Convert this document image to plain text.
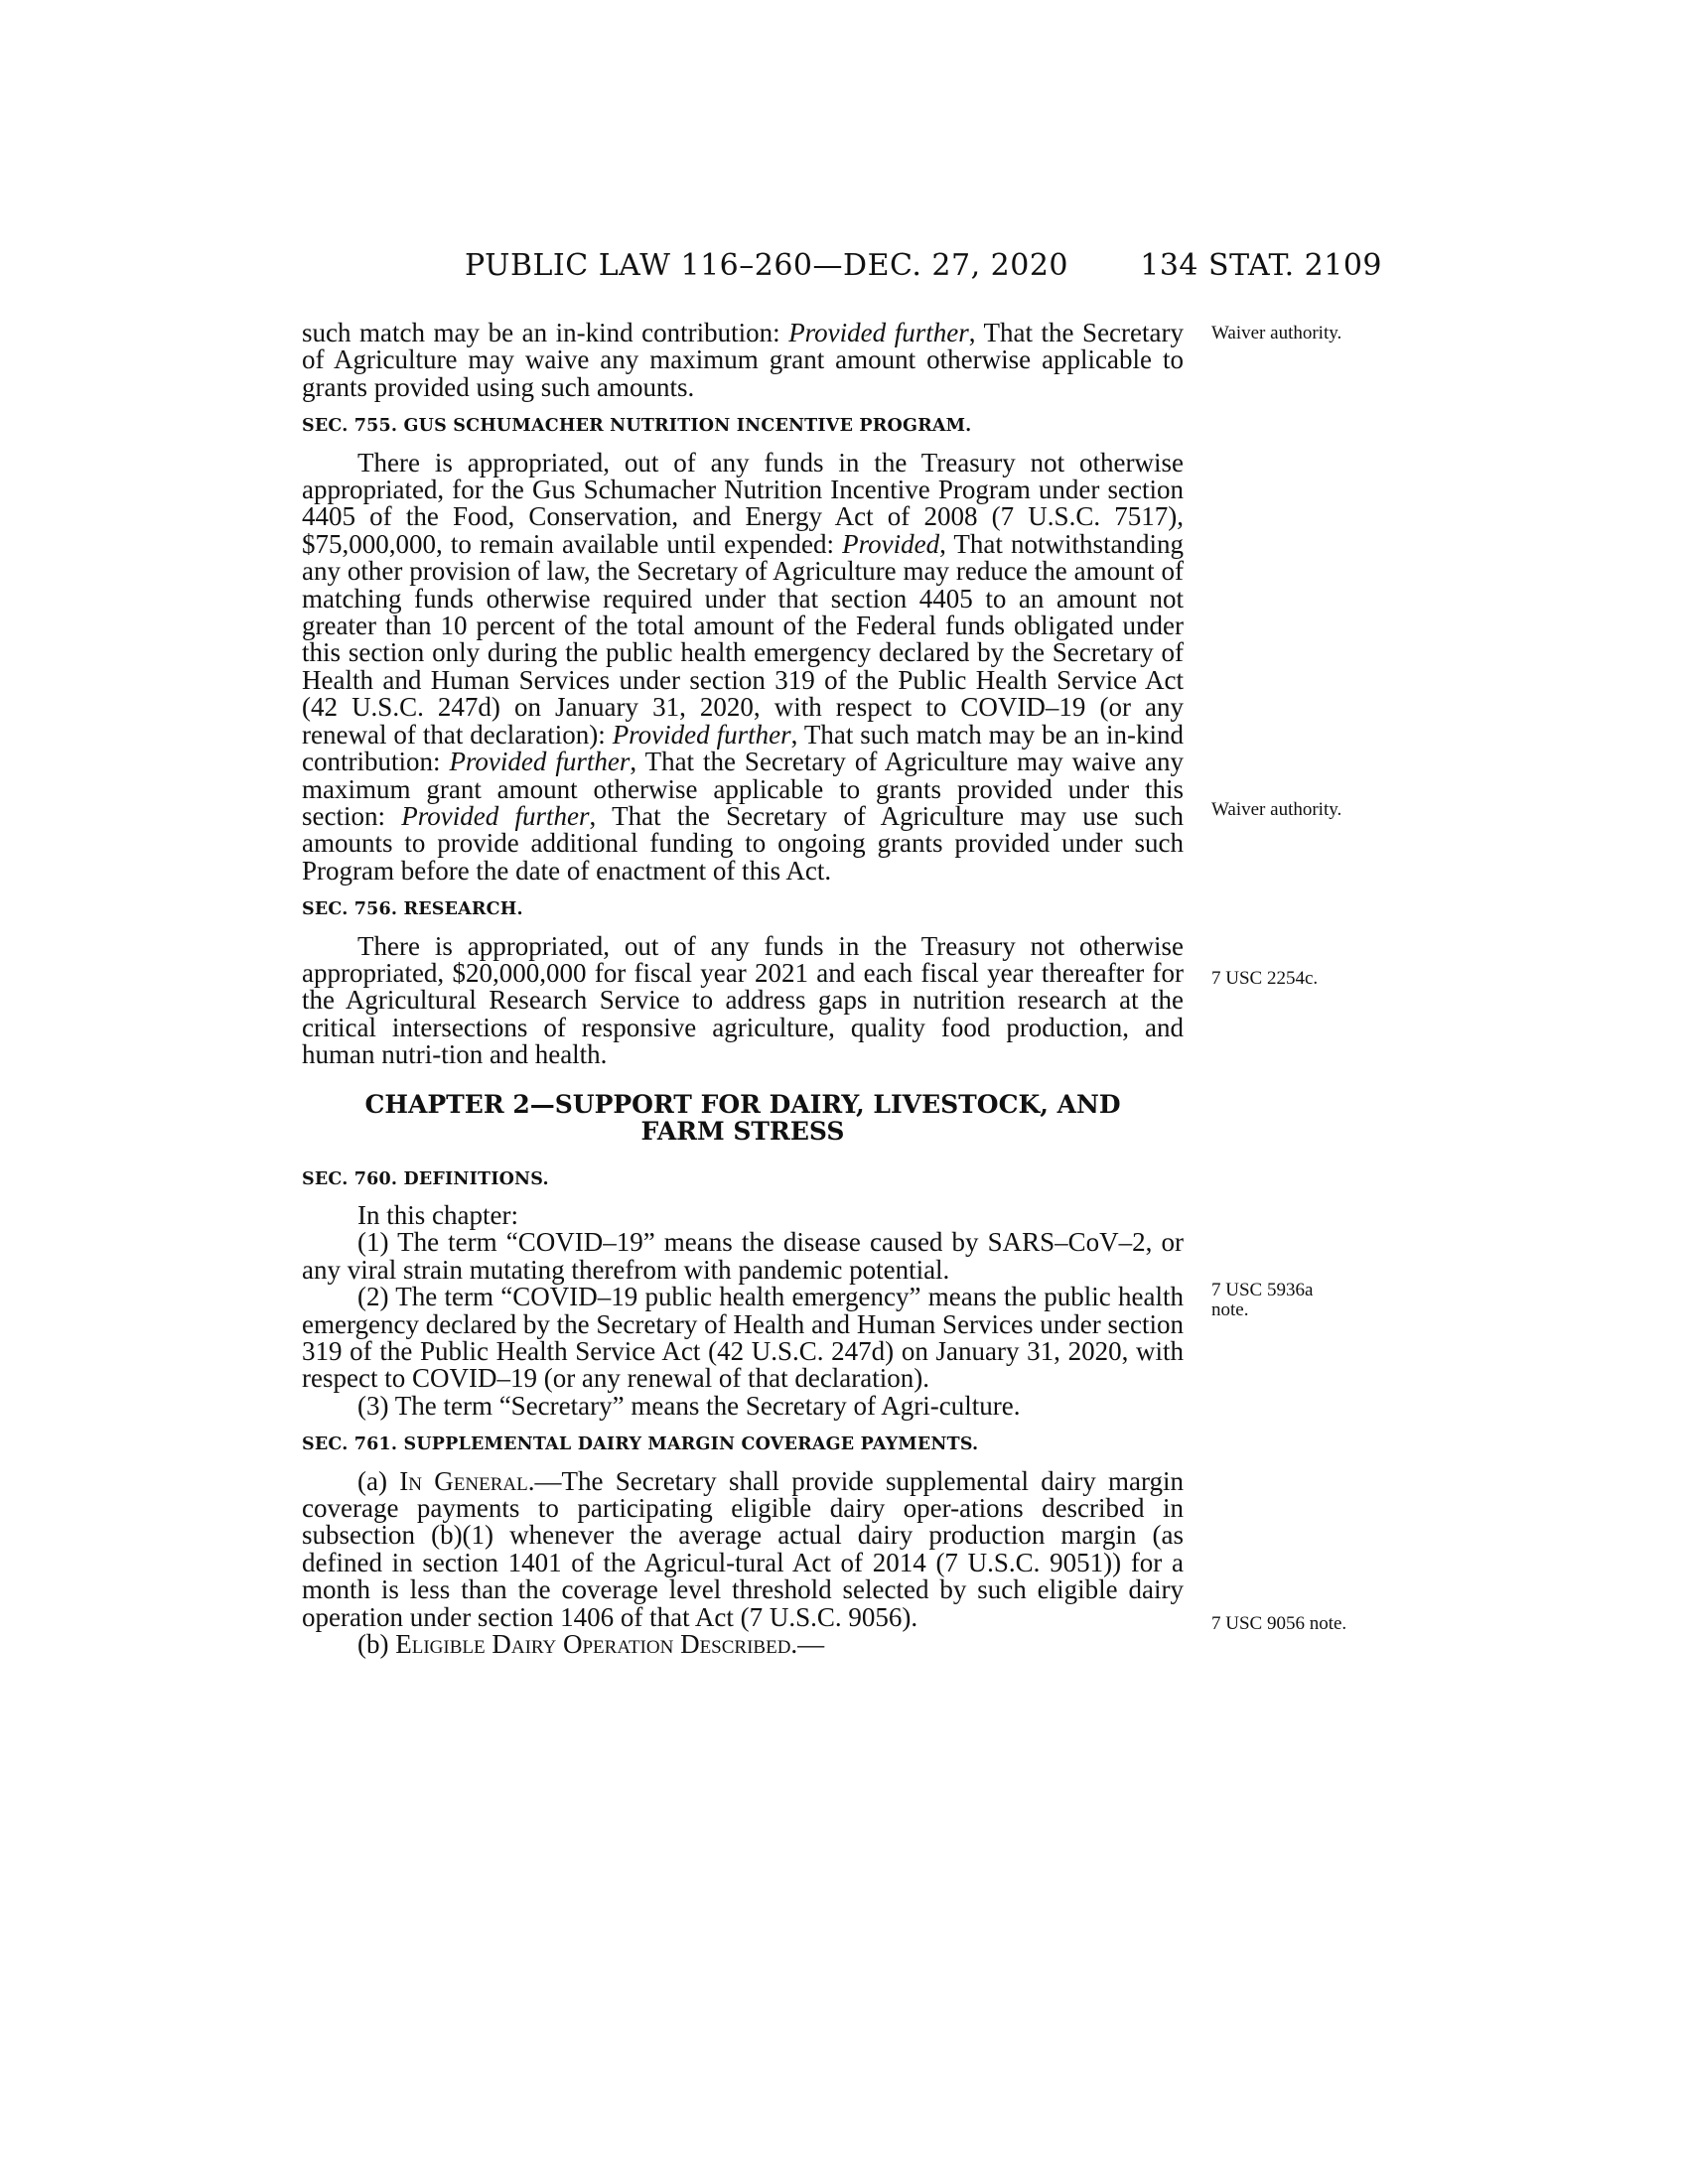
PUBLIC LAW 116–260—DEC. 27, 2020 134 STAT. 2109

such match may be an in-kind contribution: Provided further, That the Secretary of Agriculture may waive any maximum grant amount otherwise applicable to grants provided using such amounts.

SEC. 755. GUS SCHUMACHER NUTRITION INCENTIVE PROGRAM.

There is appropriated, out of any funds in the Treasury not otherwise appropriated, for the Gus Schumacher Nutrition Incentive Program under section 4405 of the Food, Conservation, and Energy Act of 2008 (7 U.S.C. 7517), $75,000,000, to remain available until expended: Provided, That notwithstanding any other provision of law, the Secretary of Agriculture may reduce the amount of matching funds otherwise required under that section 4405 to an amount not greater than 10 percent of the total amount of the Federal funds obligated under this section only during the public health emergency declared by the Secretary of Health and Human Services under section 319 of the Public Health Service Act (42 U.S.C. 247d) on January 31, 2020, with respect to COVID–19 (or any renewal of that declaration): Provided further, That such match may be an in-kind contribution: Provided further, That the Secretary of Agriculture may waive any maximum grant amount otherwise applicable to grants provided under this section: Provided further, That the Secretary of Agriculture may use such amounts to provide additional funding to ongoing grants provided under such Program before the date of enactment of this Act.

SEC. 756. RESEARCH.

There is appropriated, out of any funds in the Treasury not otherwise appropriated, $20,000,000 for fiscal year 2021 and each fiscal year thereafter for the Agricultural Research Service to address gaps in nutrition research at the critical intersections of responsive agriculture, quality food production, and human nutri-tion and health.

CHAPTER 2—SUPPORT FOR DAIRY, LIVESTOCK, AND
FARM STRESS

SEC. 760. DEFINITIONS.

In this chapter:

(1) The term “COVID–19” means the disease caused by SARS–CoV–2, or any viral strain mutating therefrom with pandemic potential.

(2) The term “COVID–19 public health emergency” means the public health emergency declared by the Secretary of Health and Human Services under section 319 of the Public Health Service Act (42 U.S.C. 247d) on January 31, 2020, with respect to COVID–19 (or any renewal of that declaration).

(3) The term “Secretary” means the Secretary of Agri-culture.

SEC. 761. SUPPLEMENTAL DAIRY MARGIN COVERAGE PAYMENTS.

(a) In General.—The Secretary shall provide supplemental dairy margin coverage payments to participating eligible dairy oper-ations described in subsection (b)(1) whenever the average actual dairy production margin (as defined in section 1401 of the Agricul-tural Act of 2014 (7 U.S.C. 9051)) for a month is less than the coverage level threshold selected by such eligible dairy operation under section 1406 of that Act (7 U.S.C. 9056).

(b) Eligible Dairy Operation Described.—

Waiver authority.
Waiver authority.
7 USC 2254c.
7 USC 5936a note.
7 USC 9056 note.
